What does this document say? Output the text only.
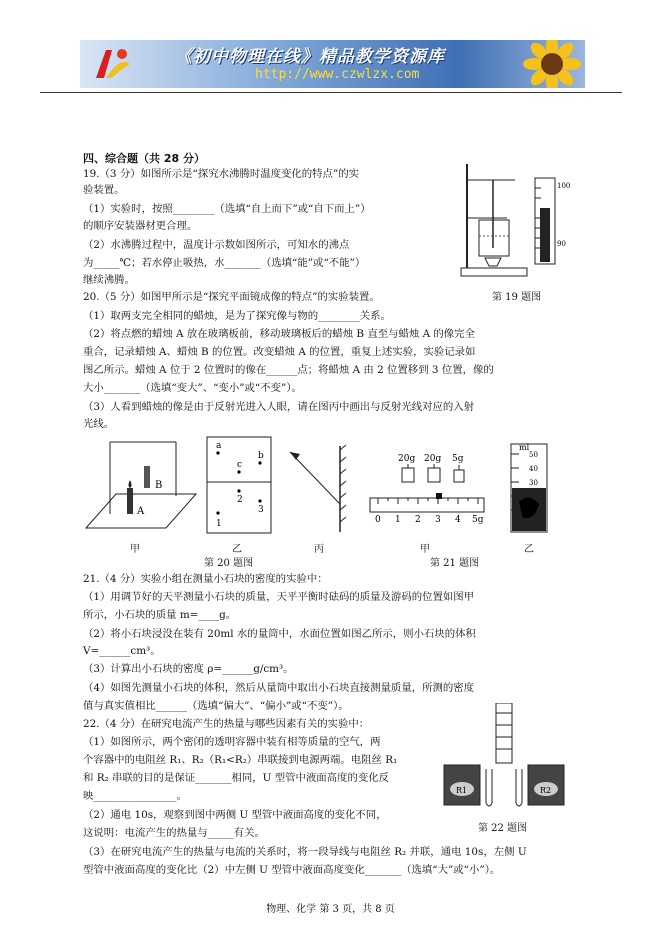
《初中物理在线》精品教学资源库
http://www.czwlzx.com
四、综合题（共 28 分）
19.（3 分）如图所示是“探究水沸腾时温度变化的特点”的实
验装置。
（1）实验时，按照________（选填“自上而下”或“自下而上”）
的顺序安装器材更合理。
（2）水沸腾过程中，温度计示数如图所示，可知水的沸点
为_____℃；若水停止吸热，水_______（选填“能”或“不能”）
继续沸腾。
100
90
第 19 题图
20.（5 分）如图甲所示是“探究平面镜成像的特点”的实验装置。
（1）取两支完全相同的蜡烛，是为了探究像与物的________关系。
（2）将点燃的蜡烛 A 放在玻璃板前，移动玻璃板后的蜡烛 B 直至与蜡烛 A 的像完全
重合，记录蜡烛 A、蜡烛 B 的位置。改变蜡烛 A 的位置，重复上述实验，实验记录如
图乙所示。蜡烛 A 位于 2 位置时的像在______点；将蜡烛 A 由 2 位置移到 3 位置，像的
大小_______（选填“变大”、“变小”或“不变”）。
（3）人看到蜡烛的像是由于反射光进入人眼，请在图丙中画出与反射光线对应的入射
光线。
A
B
甲
a
b
c
1
2
3
乙	丙
第 20 题图
20g 20g 5g
0 1 2 3 4 5g
甲
ml
50
40
30
乙
第 21 题图
21.（4 分）实验小组在测量小石块的密度的实验中：
（1）用调节好的天平测量小石块的质量，天平平衡时砝码的质量及游码的位置如图甲
所示，小石块的质量 m=____g。
（2）将小石块浸没在装有 20ml 水的量筒中，水面位置如图乙所示，则小石块的体积
V=______cm³。
（3）计算出小石块的密度 ρ=______g/cm³。
（4）如图先测量小石块的体积，然后从量筒中取出小石块直接测量质量，所测的密度
值与真实值相比______（选填“偏大”、“偏小”或“不变”）。
22.（4 分）在研究电流产生的热量与哪些因素有关的实验中：
（1）如图所示，两个密闭的透明容器中装有相等质量的空气，两
个容器中的电阻丝 R₁、R₂（R₁<R₂）串联接到电源两端。电阻丝 R₁
和 R₂ 串联的目的是保证_______相同，U 型管中液面高度的变化反
映________________。
（2）通电 10s，观察到图中两侧 U 型管中液面高度的变化不同，
这说明：电流产生的热量与_____有关。
（3）在研究电流产生的热量与电流的关系时，将一段导线与电阻丝 R₂ 并联，通电 10s，左侧 U
型管中液面高度的变化比（2）中左侧 U 型管中液面高度变化_______（选填“大”或“小”）。
R1	R2
第 22 题图
物理、化学 第 3 页，共 8 页
